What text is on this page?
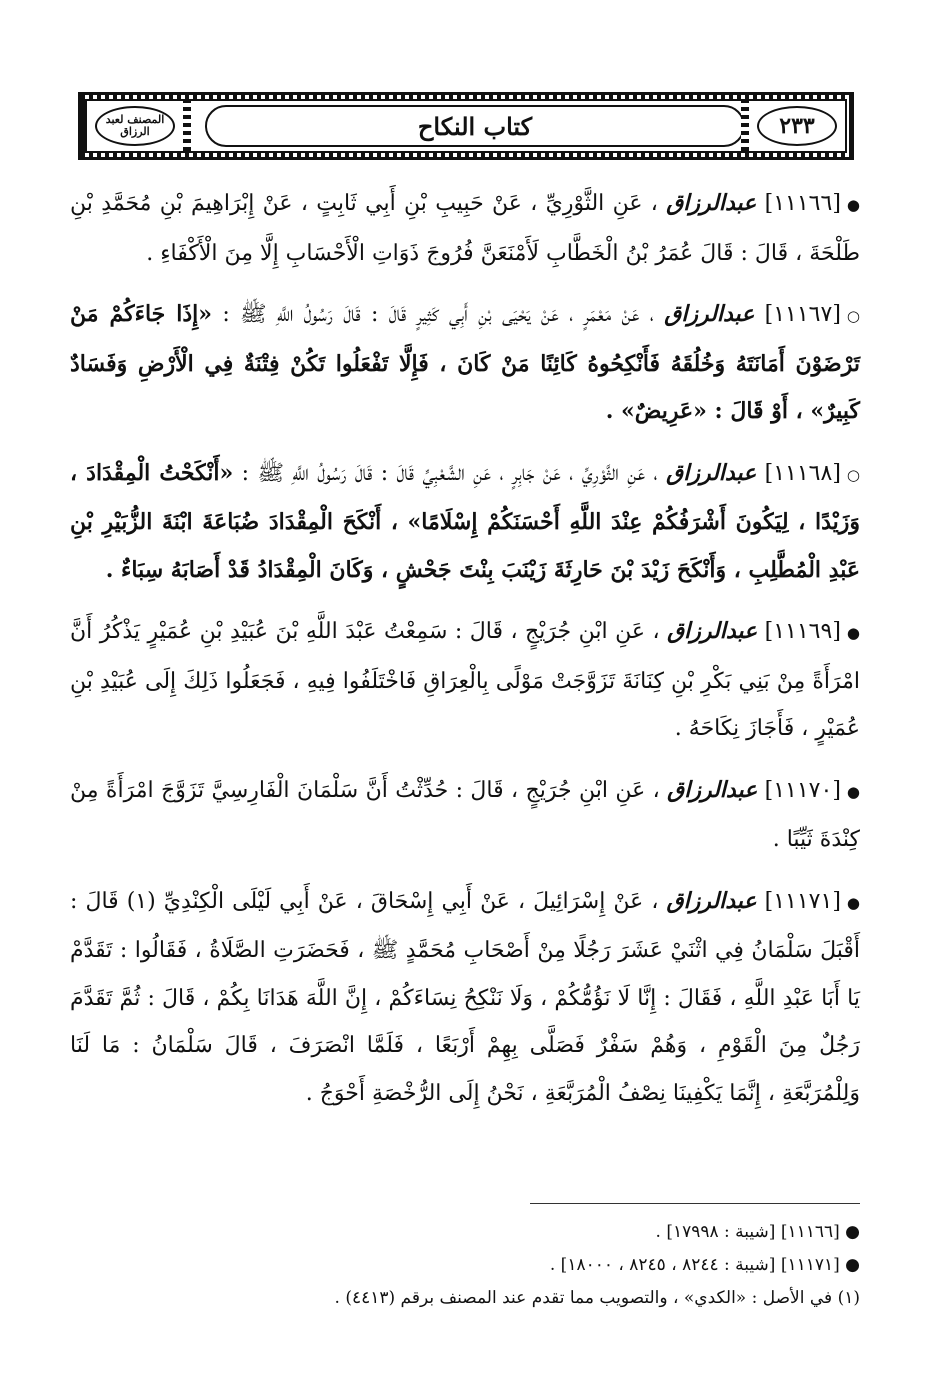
المصنف لعبد الرزاق	كتاب النكاح	٢٣٣

●[١١١٦٦] عبدالرزاق ، عَنِ الثَّوْرِيِّ ، عَنْ حَبِيبِ بْنِ أَبِي ثَابِتٍ ، عَنْ إِبْرَاهِيمَ بْنِ مُحَمَّدِ بْنِ طَلْحَةَ ، قَالَ : قَالَ عُمَرُ بْنُ الْخَطَّابِ لَأَمْنَعَنَّ فُرُوجَ ذَوَاتِ الْأَحْسَابِ إِلَّا مِنَ الْأَكْفَاءِ .

○[١١١٦٧] عبدالرزاق ، عَنْ مَعْمَرٍ ، عَنْ يَحْيَى بْنِ أَبِي كَثِيرٍ قَالَ : قَالَ رَسُولُ اللَّهِ ﷺ : «إِذَا جَاءَكُمْ مَنْ تَرْضَوْنَ أَمَانَتَهُ وَخُلُقَهُ فَأَنْكِحُوهُ كَائِنًا مَنْ كَانَ ، فَإِلَّا تَفْعَلُوا تَكُنْ فِتْنَةٌ فِي الْأَرْضِ وَفَسَادٌ كَبِيرٌ» ، أَوْ قَالَ : «عَرِيضٌ» .

○[١١١٦٨] عبدالرزاق ، عَنِ الثَّوْرِيِّ ، عَنْ جَابِرٍ ، عَنِ الشَّعْبِيِّ قَالَ : قَالَ رَسُولُ اللَّهِ ﷺ : «أَنْكَحْتُ الْمِقْدَادَ ، وَزَيْدًا ، لِيَكُونَ أَشْرَفُكُمْ عِنْدَ اللَّهِ أَحْسَنَكُمْ إِسْلَامًا» ، أَنْكَحَ الْمِقْدَادَ ضُبَاعَةَ ابْنَةَ الزُّبَيْرِ بْنِ عَبْدِ الْمُطَّلِبِ ، وَأَنْكَحَ زَيْدَ بْنَ حَارِثَةَ زَيْنَبَ بِنْتَ جَحْشٍ ، وَكَانَ الْمِقْدَادُ قَدْ أَصَابَهُ سِبَاءٌ .

●[١١١٦٩] عبدالرزاق ، عَنِ ابْنِ جُرَيْجٍ ، قَالَ : سَمِعْتُ عَبْدَ اللَّهِ بْنَ عُبَيْدِ بْنِ عُمَيْرٍ يَذْكُرُ أَنَّ امْرَأَةً مِنْ بَنِي بَكْرِ بْنِ كِنَانَةَ تَزَوَّجَتْ مَوْلًى بِالْعِرَاقِ فَاخْتَلَفُوا فِيهِ ، فَجَعَلُوا ذَلِكَ إِلَى عُبَيْدِ بْنِ عُمَيْرٍ ، فَأَجَازَ نِكَاحَهُ .

●[١١١٧٠] عبدالرزاق ، عَنِ ابْنِ جُرَيْجٍ ، قَالَ : حُدِّثْتُ أَنَّ سَلْمَانَ الْفَارِسِيَّ تَزَوَّجَ امْرَأَةً مِنْ كِنْدَةَ ثَيِّبًا .

●[١١١٧١] عبدالرزاق ، عَنْ إِسْرَائِيلَ ، عَنْ أَبِي إِسْحَاقَ ، عَنْ أَبِي لَيْلَى الْكِنْدِيِّ (١) قَالَ : أَقْبَلَ سَلْمَانُ فِي اثْنَيْ عَشَرَ رَجُلًا مِنْ أَصْحَابِ مُحَمَّدٍ ﷺ ، فَحَضَرَتِ الصَّلَاةُ ، فَقَالُوا : تَقَدَّمْ يَا أَبَا عَبْدِ اللَّهِ ، فَقَالَ : إِنَّا لَا نَؤُمُّكُمْ ، وَلَا نَنْكِحُ نِسَاءَكُمْ ، إِنَّ اللَّهَ هَدَانَا بِكُمْ ، قَالَ : ثُمَّ تَقَدَّمَ رَجُلٌ مِنَ الْقَوْمِ ، وَهُمْ سَفْرٌ فَصَلَّى بِهِمْ أَرْبَعًا ، فَلَمَّا انْصَرَفَ ، قَالَ سَلْمَانُ : مَا لَنَا وَلِلْمُرَبَّعَةِ ، إِنَّمَا يَكْفِينَا نِصْفُ الْمُرَبَّعَةِ ، نَحْنُ إِلَى الرُّخْصَةِ أَحْوَجُ .

● [١١١٦٦] [شيبة : ١٧٩٩٨] .

● [١١١٧١] [شيبة : ٨٢٤٤ ، ٨٢٤٥ ، ١٨٠٠٠] .

(١) في الأصل : «الكدي» ، والتصويب مما تقدم عند المصنف برقم (٤٤١٣) .
